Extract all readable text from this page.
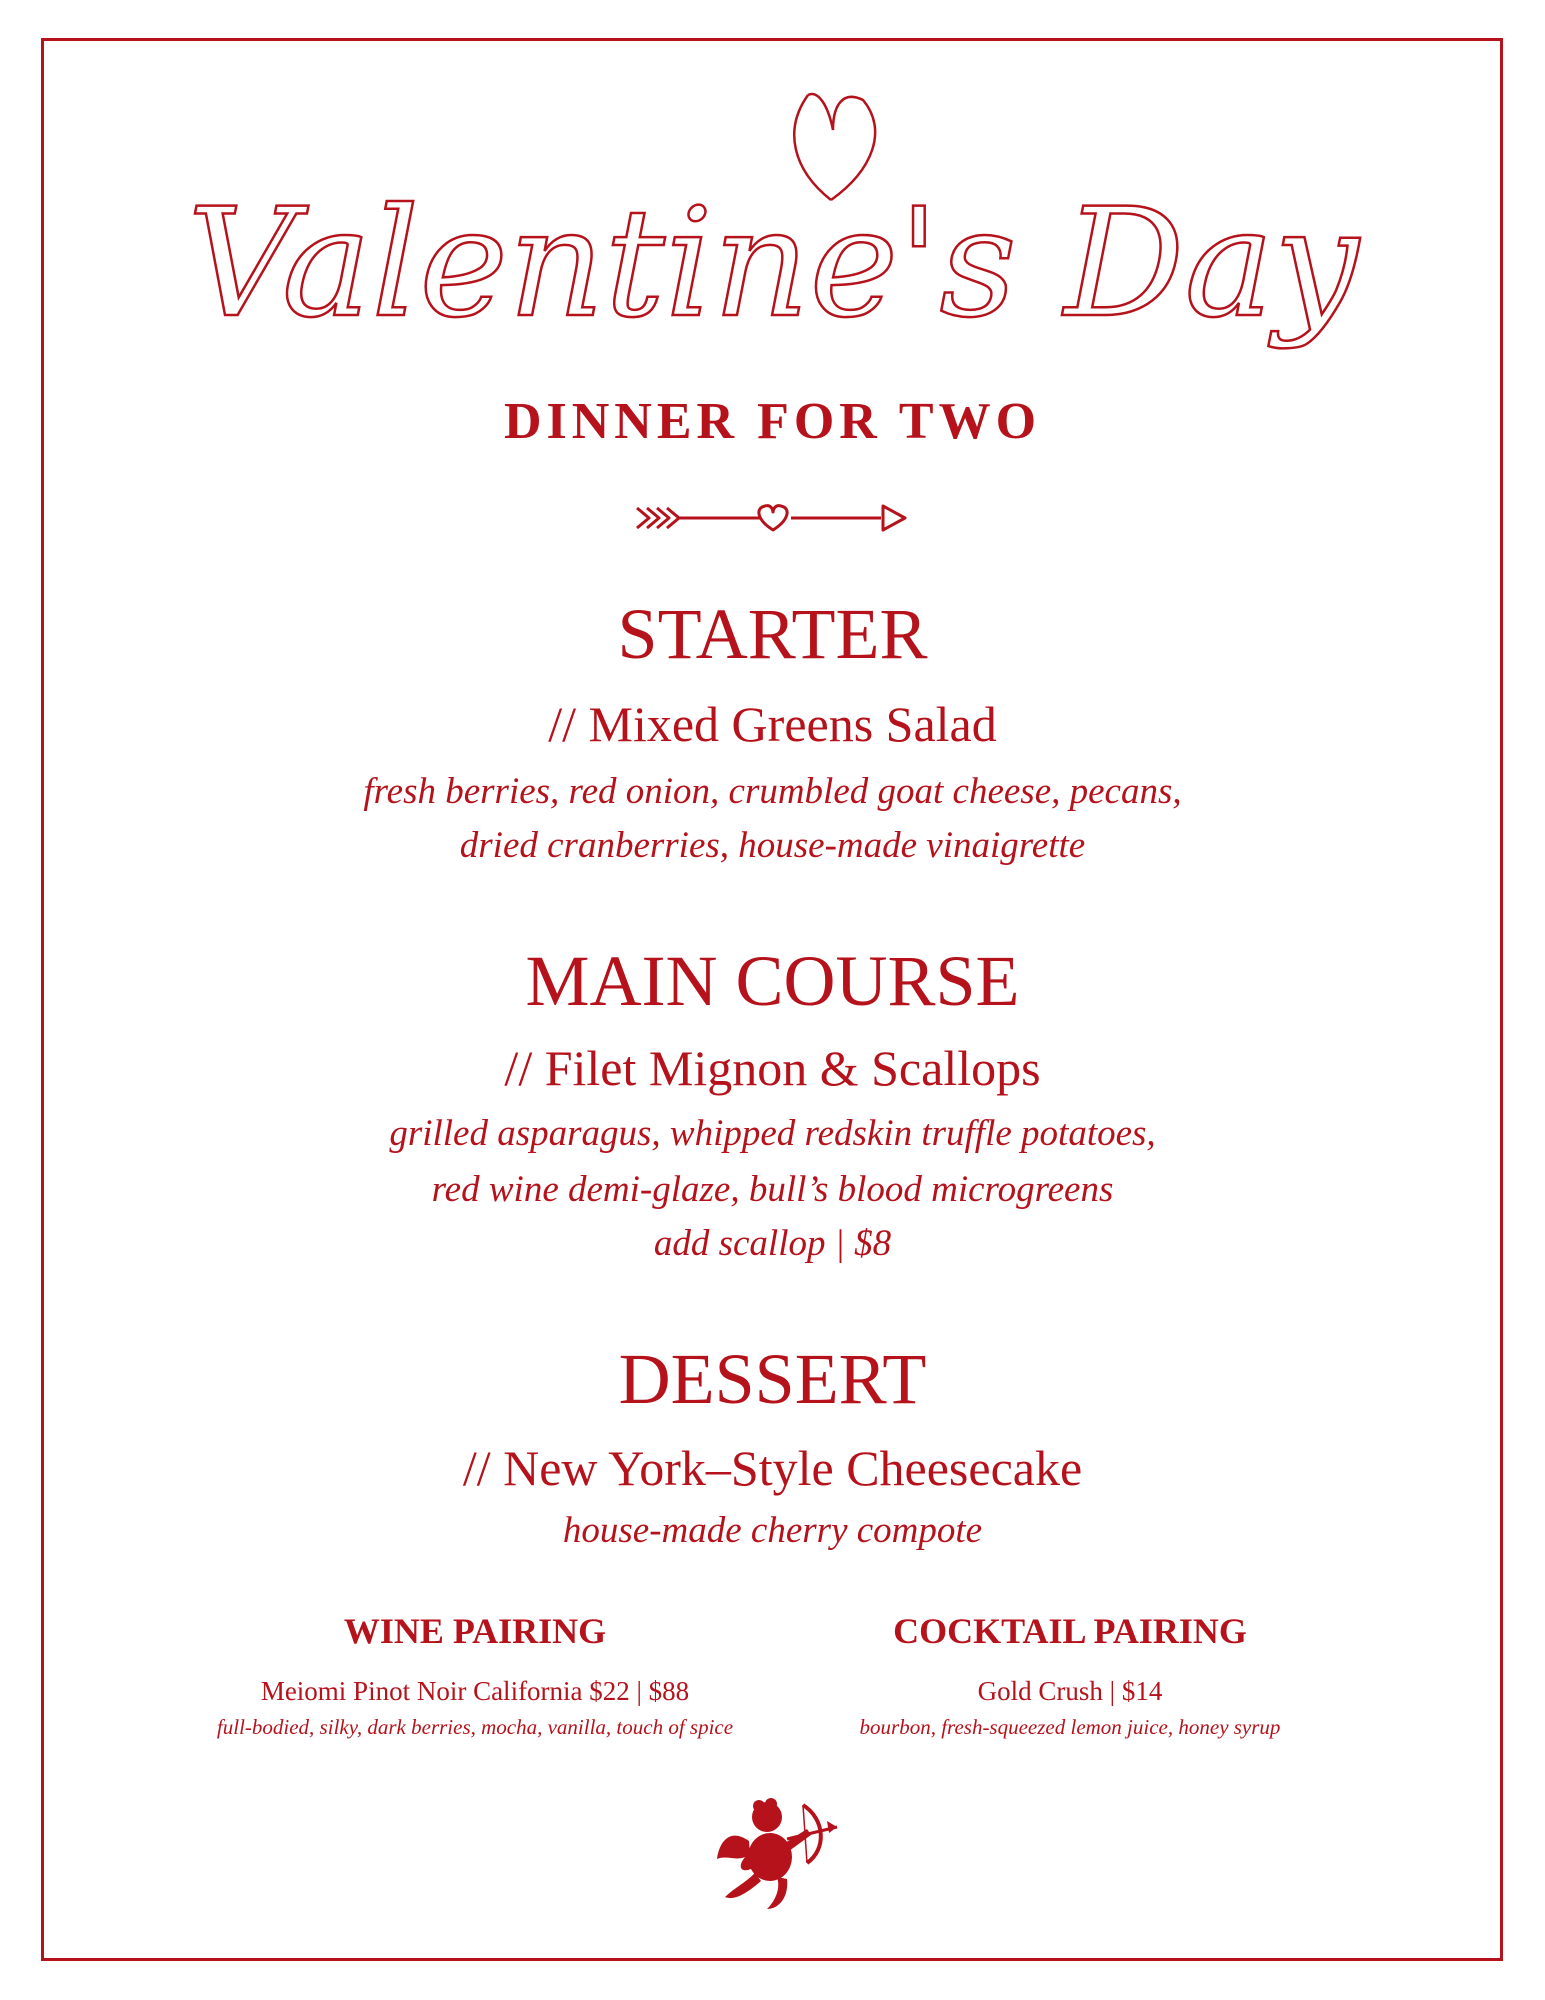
Valentine's Day
DINNER FOR TWO
STARTER
// Mixed Greens Salad
fresh berries, red onion, crumbled goat cheese, pecans,
dried cranberries, house-made vinaigrette
MAIN COURSE
// Filet Mignon & Scallops
grilled asparagus, whipped redskin truffle potatoes,
red wine demi-glaze, bull’s blood microgreens
add scallop | $8
DESSERT
// New York–Style Cheesecake
house-made cherry compote
WINE PAIRING
Meiomi Pinot Noir California $22 | $88
full-bodied, silky, dark berries, mocha, vanilla, touch of spice
COCKTAIL PAIRING
Gold Crush | $14
bourbon, fresh-squeezed lemon juice, honey syrup
